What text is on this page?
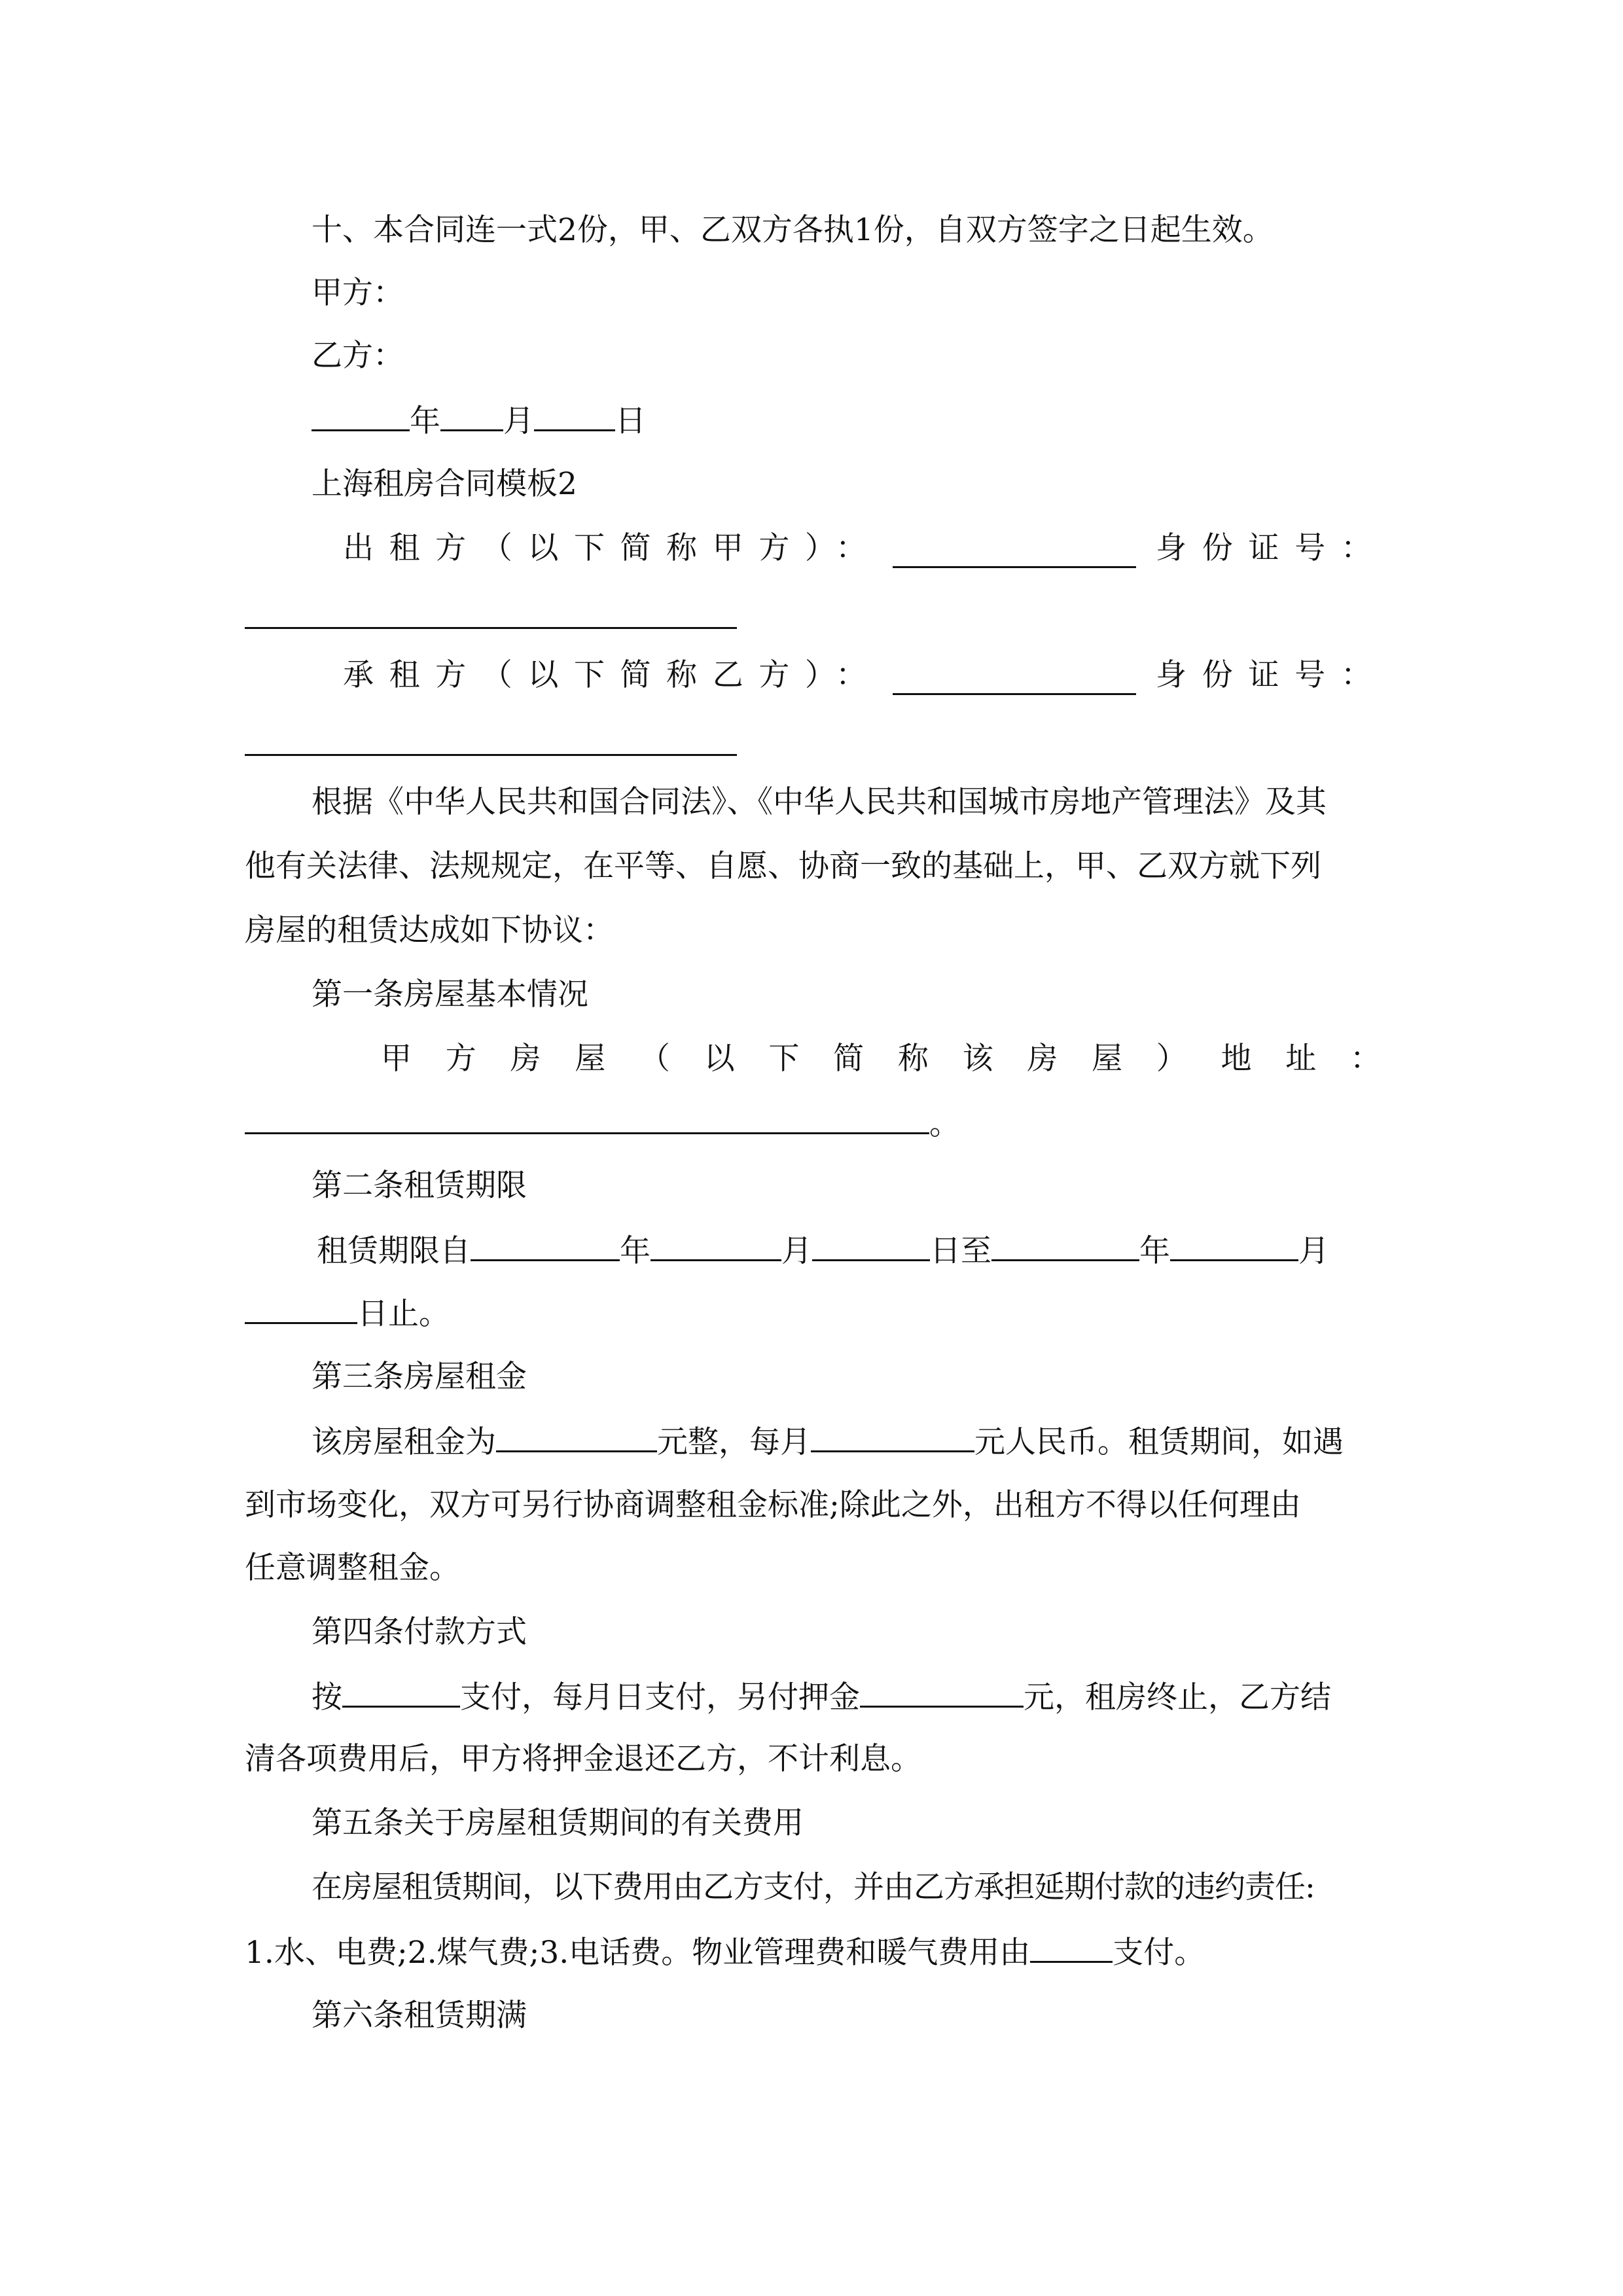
十、本合同连一式2份，甲、乙双方各执1份，自双方签字之日起生效。
甲方：
乙方：
年 月	日
上海租房合同模板2
出租方（以下简称甲方）：	身份证号：
承租方（以下简称乙方）：	身份证号：
根据《中华人民共和国合同法》、《中华人民共和国城市房地产管理法》及其
他有关法律、法规规定，在平等、自愿、协商一致的基础上，甲、乙双方就下列
房屋的租赁达成如下协议：
第一条房屋基本情况
甲方房屋（以下简称该房屋）地址：
。
第二条租赁期限
租赁期限自	年	月	日至	年	月
日止。
第三条房屋租金
该房屋租金为	元整，每月	元人民币。租赁期间，如遇
到市场变化，双方可另行协商调整租金标准;除此之外，出租方不得以任何理由
任意调整租金。
第四条付款方式
按	支付，每月日支付，另付押金	元，租房终止，乙方结
清各项费用后，甲方将押金退还乙方，不计利息。
第五条关于房屋租赁期间的有关费用
在房屋租赁期间，以下费用由乙方支付，并由乙方承担延期付款的违约责任:
1.水、电费;2.煤气费;3.电话费。物业管理费和暖气费用由	支付。
第六条租赁期满
